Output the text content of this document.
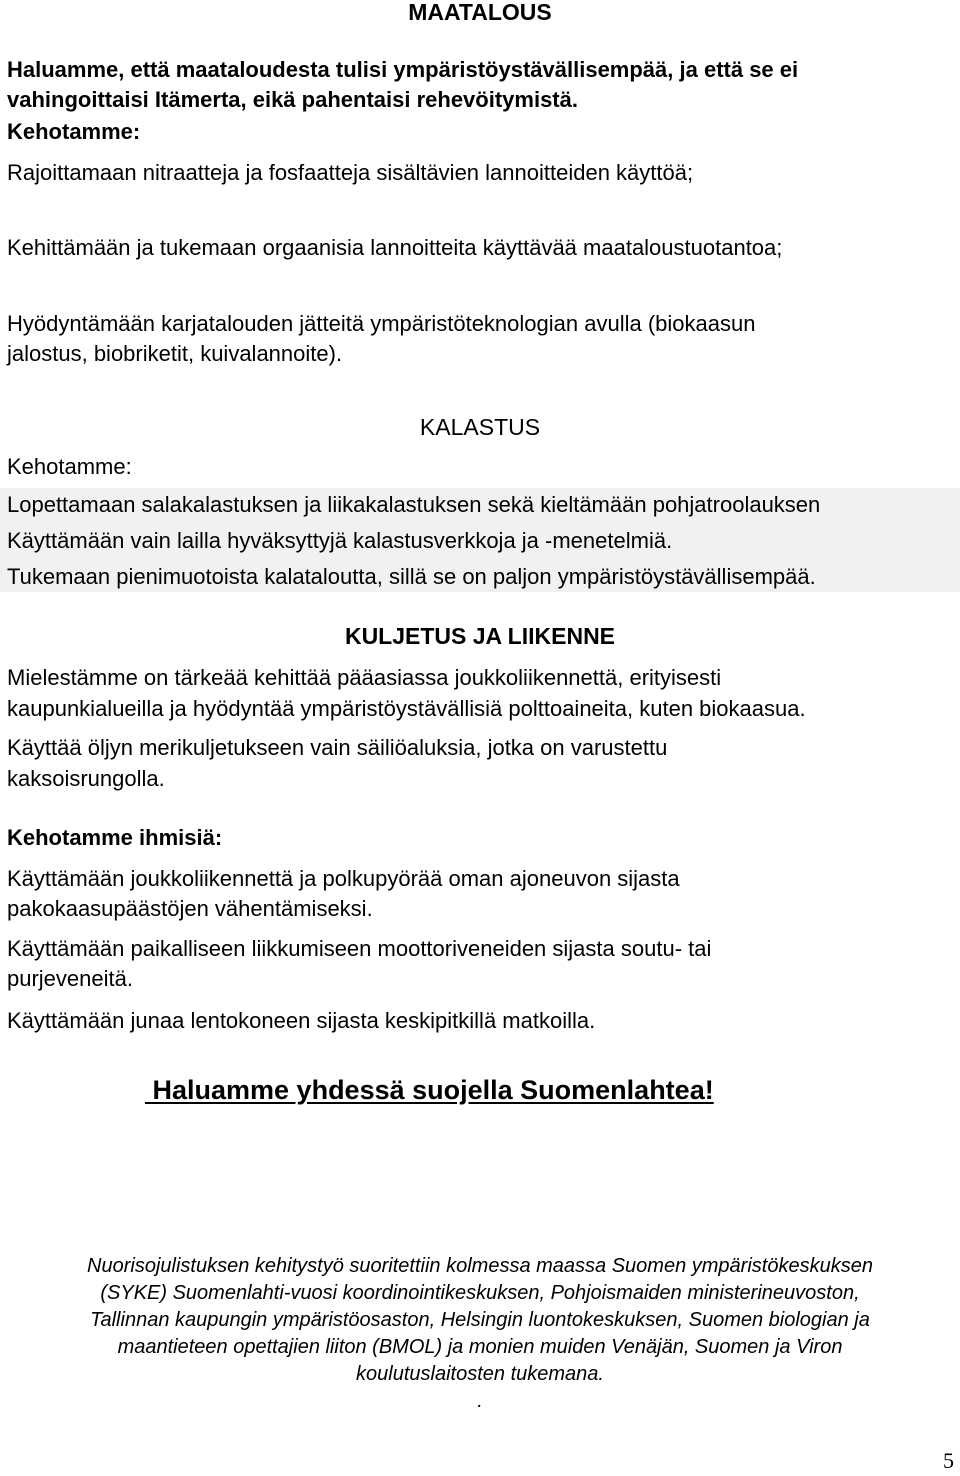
MAATALOUS
Haluamme, että maataloudesta tulisi ympäristöystävällisempää, ja että se ei
vahingoittaisi Itämerta, eikä pahentaisi rehevöitymistä.
Kehotamme:
Rajoittamaan nitraatteja ja fosfaatteja sisältävien lannoitteiden käyttöä;
Kehittämään ja tukemaan orgaanisia lannoitteita käyttävää maataloustuotantoa;
Hyödyntämään karjatalouden jätteitä ympäristöteknologian avulla (biokaasun
jalostus, biobriketit, kuivalannoite).
KALASTUS
Kehotamme:
Lopettamaan salakalastuksen ja liikakalastuksen sekä kieltämään pohjatroolauksen
Käyttämään vain lailla hyväksyttyjä kalastusverkkoja ja -menetelmiä.
Tukemaan pienimuotoista kalataloutta, sillä se on paljon ympäristöystävällisempää.
KULJETUS JA LIIKENNE
Mielestämme on tärkeää kehittää pääasiassa joukkoliikennettä, erityisesti
kaupunkialueilla ja hyödyntää ympäristöystävällisiä polttoaineita, kuten biokaasua.
Käyttää öljyn merikuljetukseen vain säiliöaluksia, jotka on varustettu
kaksoisrungolla.
Kehotamme ihmisiä:
Käyttämään joukkoliikennettä ja polkupyörää oman ajoneuvon sijasta
pakokaasupäästöjen vähentämiseksi.
Käyttämään paikalliseen liikkumiseen moottoriveneiden sijasta soutu- tai
purjeveneitä.
Käyttämään junaa lentokoneen sijasta keskipitkillä matkoilla.
Haluamme yhdessä suojella Suomenlahtea!
Nuorisojulistuksen kehitystyö suoritettiin kolmessa maassa Suomen ympäristökeskuksen
(SYKE) Suomenlahti-vuosi koordinointikeskuksen, Pohjoismaiden ministerineuvoston,
Tallinnan kaupungin ympäristöosaston, Helsingin luontokeskuksen, Suomen biologian ja
maantieteen opettajien liiton (BMOL) ja monien muiden Venäjän, Suomen ja Viron
koulutuslaitosten tukemana.
.
5
